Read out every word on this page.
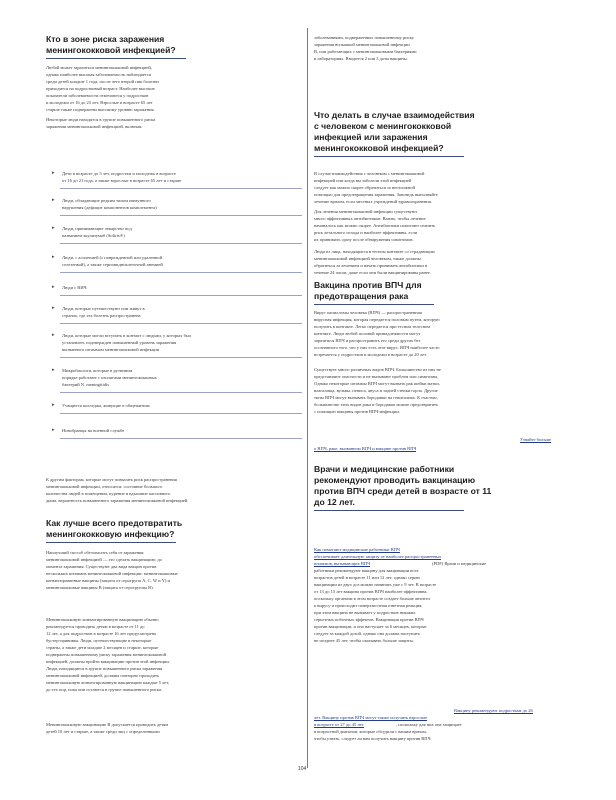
Кто в зоне риска заражения
менингококковой инфекцией?
Любой может заразиться менингококковой инфекцией,
однако наиболее высокая заболеваемость наблюдается
среди детей младше 1 года, после чего второй пик болезни
приходится на подростковый возраст. Наиболее высокие
показатели заболеваемости отмечаются у подростков
и молодежи от 16 до 23 лет. Взрослые в возрасте 65 лет
старше также подвержены высокому уровню заражения.
Некоторые люди находятся в группе повышенного риска
заражения менингококковой инфекцией, включая:
▸ Дети в возрасте до 5 лет, подростки и молодежь в возрасте
от 16 до 21 года, а также взрослые в возрасте 65 лет и старше
▸ Люди, обладающие редким типом иммунного
нарушения (дефицит компонентов комплемента)
▸ Люди, принимающие лекарство под
названием экулизумаб (Soliris®)
▸ Люди, с аспленией (с поврежденной или удаленной
селезенкой), а также серповидноклеточной анемией
▸ Люди с ВИЧ
▸ Люди, которые путешествуют или живут в
странах, где эта болезнь распространена
▸ Люди, которые могли вступить в контакт с людьми, у которых был
установлен, подтвержден повышенный уровень заражения
вызванного штаммом менингококковой инфекции
▸ Микробиологи, которые в рутинном
порядке работают с изолятами менингококковых
бактерий N. meningitidis
▸ Учащиеся колледжа, живущие в общежитиях
▸ Новобранцы на военной службе
К другим факторам, которые могут повысить риск распространения
менингококковой инфекции, относятся: состояние большого
количества людей в помещении, курение и вдыхание пассивного
дыма, вероятность повышенного заражения менингококковой инфекцией.
Как лучше всего предотвратить
менингококковую инфекцию?
Наилучший способ обезопасить себя от заражения
менингококковой инфекцией — это сделать вакцинацию; до
момента заражения. Существуют два вида вакцин против
нескольких штаммов менингококковой инфекции: менингококковые
конъюгированные вакцины (защита от серогрупп A, C, W и Y) и
менингококковые вакцины B (защита от серогруппы B).
Менингококковую конъюгированную вакцинацию обычно
рекомендуется проводить детям в возрасте от 11 до
12 лет, а для подростков в возрасте 16 лет предусмотрена
бустер-прививка. Люди, путешествующие в некоторые
страны, а также дети младше 2 месяцев и старше, которые
подвержены повышенному риску заражения менингококковой
инфекцией, должны пройти вакцинацию против этой инфекции.
Люди, находящиеся в группе повышенного риска заражения
менингококковой инфекцией, должны повторно проходить
менингококковую конъюгированную вакцинацию каждые 5 лет,
до тех пор, пока они остаются в группе повышенного риска.
Менингококковую вакцинацию B допускается проводить детям
детей 10 лет и старше, а также среди лиц с определенными
заболеваниями, подверженных повышенному риску
заражения вспышкой менингококковой инфекции
B, или работающих с менингококковыми бактериями
в лабораториях. Вводится 2 или 3 дозы вакцины.
Что делать в случае взаимодействия
с человеком с менингококковой
инфекцией или заражения
менингококковой инфекцией?
В случае взаимодействия с человеком с менингококковой
инфекцией или когда вы заболели этой инфекцией
следует как можно скорее обратиться за неотложной
помощью для предотвращения заражения. Заповедь выполняйте
лечение врачом, если местных учреждений здравоохранения.
Для лечения менингококковой инфекции существуют
много эффективных антибиотиков. Важно, чтобы лечение
начиналось как можно скорее. Антибиотики помогают снизить
риск летального исхода и наиболее эффективны, если
их принимать сразу после обнаружения симптомов.
Люди из лица, находящиеся в тесном контакте со страдающим
менингококковой инфекцией человеком, также должны
обратиться за лечением и начать принимать антибиотики в
течение 24 часов, даже если они были вакцинированы ранее.
Вакцина против ВПЧ для
предотвращения рака
Вирус папилломы человека (ВПЧ) — распространенная
вирусная инфекция, которая передается половым путем, которую
получить в контакте. Легко передается при тесном телесном
контакте. Люди любой половой принадлежности могут
заразиться ВПЧ и распространить его среди других без
осознанного того, что у них есть этот вирус. ВПЧ наиболее часто
встречается у подростков и молодежи в возрасте до 20 лет.
Существует много различных видов ВПЧ. Большинство из них не
представляют опасности и не вызывают проблем или симптомы.
Однако некоторые штаммы ВПЧ могут вызвать рак шейки матки,
влагалища, вульвы, пениса, ануса и задней стенки горла. Другие
типы ВПЧ могут вызывать бородавки на гениталиях. К счастью,
большинство этих видов рака и бородавок можно предотвратить
с помощью вакцины против ВПЧ-инфекции.
Узнайте больше
о ВПЧ, раке, вызванном ВПЧ и вакцине против ВПЧ
Врачи и медицинские работники
рекомендуют проводить вакцинацию
против ВПЧ среди детей в возрасте от 11
до 12 лет.
Как помогают медицинские работники ВПЧ
обеспечивает длительную защиту от наиболее распространенных
штаммов, вызывающих ВПЧ	(PDF) Врачи и медицинские
работники рекомендуют вакцину для вакцинации всех
возрастов детей в возрасте 11 или 12 лет, однако серию
вакцинации из двух доз можно начинать уже с 9 лет. В возрасте
от 13 до 15 лет вакцина против ВПЧ наиболее эффективна,
поскольку организм в этом возрасте создает больше антител
к вирусу и происходит поверхностная ответная реакция,
при этом вакцина не вызывает у подростков никаких
серьезных побочных эффектов. Вакцинация против ВПЧ
против вакцинации, и она наступает за 6 месяцев, которые
следует за каждой дозой, однако она должна наступить
не позднее 45 лет, чтобы оказывать больше защиты.
Вакцину рекомендуют подросткам до 26
лет. Вакцину против ВПЧ могут также получить взрослые
в возрасте от 27 до 45 лет	, поскольку для них она защищает
в возрастной диапазон, которые обсудили с вашим врачом,
чтобы узнать, следует ли вам получить вакцину против ВПЧ.
104
